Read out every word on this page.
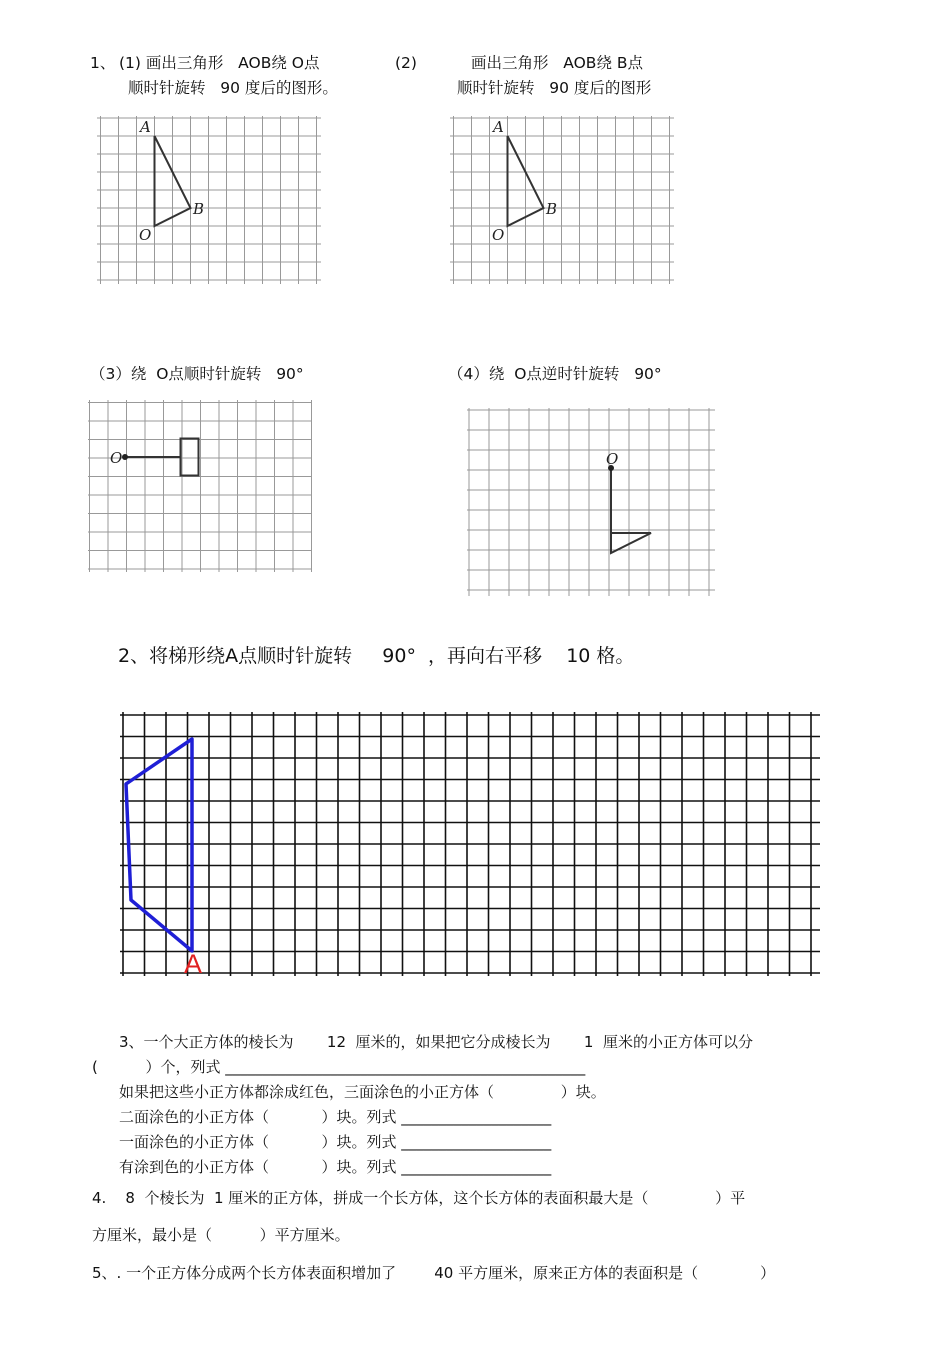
1、 (1) 画出三角形   AOB绕 O点
顺时针旋转   90 度后的图形。
(2)	画出三角形   AOB绕 B点
顺时针旋转   90 度后的图形
A
B
O
A
B
O
（3）绕  O点顺时针旋转   90°	（4）绕  O点逆时针旋转   90°
O	O
2、将梯形绕A点顺时针旋转     90°  ，再向右平移    10 格。
A
3、一个大正方体的棱长为       12  厘米的，如果把它分成棱长为       1  厘米的小正方体可以分
(          ）个，列式 ________________________________________________
如果把这些小正方体都涂成红色，三面涂色的小正方体（              ）块。
二面涂色的小正方体（           ）块。列式 ____________________
一面涂色的小正方体（           ）块。列式 ____________________
有涂到色的小正方体（           ）块。列式 ____________________
4.    8  个棱长为  1 厘米的正方体，拼成一个长方体，这个长方体的表面积最大是（              ）平
方厘米，最小是（          ）平方厘米。
5、. 一个正方体分成两个长方体表面积增加了        40 平方厘米，原来正方体的表面积是（             ）
